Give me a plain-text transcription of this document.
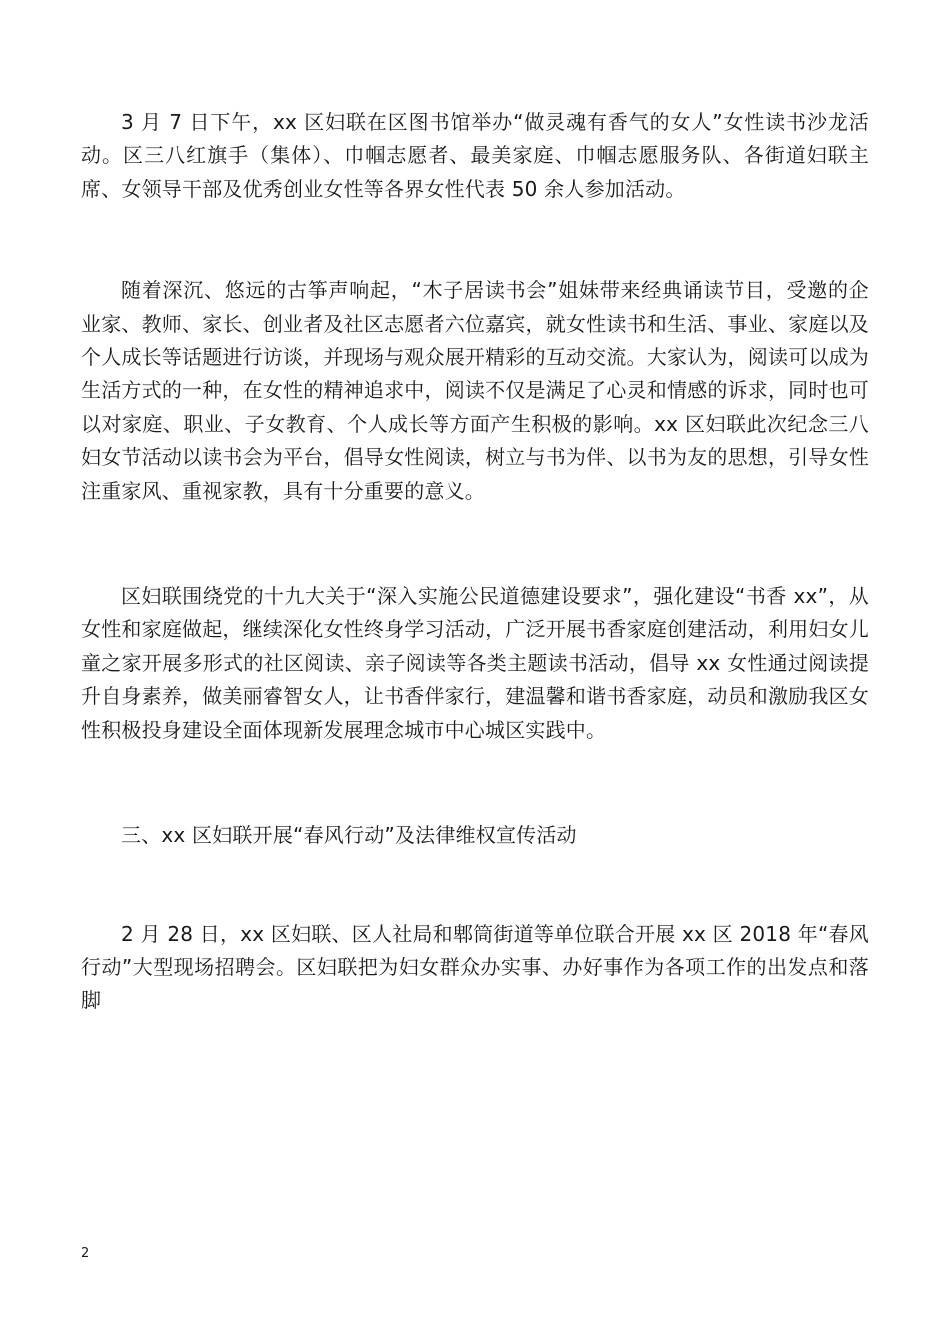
3 月 7 日下午，xx 区妇联在区图书馆举办“做灵魂有香气的女人”女性读书沙龙活动。区三八红旗手（集体）、巾帼志愿者、最美家庭、巾帼志愿服务队、各街道妇联主席、女领导干部及优秀创业女性等各界女性代表 50 余人参加活动。

随着深沉、悠远的古筝声响起，“木子居读书会”姐妹带来经典诵读节目，受邀的企业家、教师、家长、创业者及社区志愿者六位嘉宾，就女性读书和生活、事业、家庭以及个人成长等话题进行访谈，并现场与观众展开精彩的互动交流。大家认为，阅读可以成为生活方式的一种，在女性的精神追求中，阅读不仅是满足了心灵和情感的诉求，同时也可以对家庭、职业、子女教育、个人成长等方面产生积极的影响。xx 区妇联此次纪念三八妇女节活动以读书会为平台，倡导女性阅读，树立与书为伴、以书为友的思想，引导女性注重家风、重视家教，具有十分重要的意义。

区妇联围绕党的十九大关于“深入实施公民道德建设要求”，强化建设“书香 xx”，从女性和家庭做起，继续深化女性终身学习活动，广泛开展书香家庭创建活动，利用妇女儿童之家开展多形式的社区阅读、亲子阅读等各类主题读书活动，倡导 xx 女性通过阅读提升自身素养，做美丽睿智女人，让书香伴家行，建温馨和谐书香家庭，动员和激励我区女性积极投身建设全面体现新发展理念城市中心城区实践中。

三、xx 区妇联开展“春风行动”及法律维权宣传活动

2 月 28 日，xx 区妇联、区人社局和郫筒街道等单位联合开展 xx 区 2018 年“春风行动”大型现场招聘会。区妇联把为妇女群众办实事、办好事作为各项工作的出发点和落脚

2
